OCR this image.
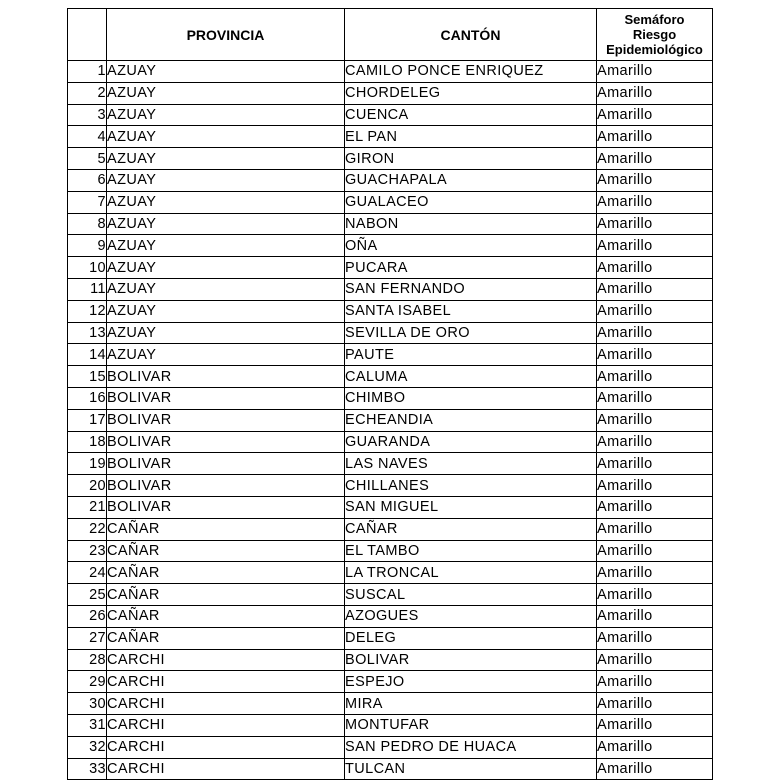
	PROVINCIA	CANTÓN	Semáforo
Riesgo
Epidemiológico
1	AZUAY	CAMILO PONCE ENRIQUEZ	Amarillo
2	AZUAY	CHORDELEG	Amarillo
3	AZUAY	CUENCA	Amarillo
4	AZUAY	EL PAN	Amarillo
5	AZUAY	GIRON	Amarillo
6	AZUAY	GUACHAPALA	Amarillo
7	AZUAY	GUALACEO	Amarillo
8	AZUAY	NABON	Amarillo
9	AZUAY	OÑA	Amarillo
10	AZUAY	PUCARA	Amarillo
11	AZUAY	SAN FERNANDO	Amarillo
12	AZUAY	SANTA ISABEL	Amarillo
13	AZUAY	SEVILLA DE ORO	Amarillo
14	AZUAY	PAUTE	Amarillo
15	BOLIVAR	CALUMA	Amarillo
16	BOLIVAR	CHIMBO	Amarillo
17	BOLIVAR	ECHEANDIA	Amarillo
18	BOLIVAR	GUARANDA	Amarillo
19	BOLIVAR	LAS NAVES	Amarillo
20	BOLIVAR	CHILLANES	Amarillo
21	BOLIVAR	SAN MIGUEL	Amarillo
22	CAÑAR	CAÑAR	Amarillo
23	CAÑAR	EL TAMBO	Amarillo
24	CAÑAR	LA TRONCAL	Amarillo
25	CAÑAR	SUSCAL	Amarillo
26	CAÑAR	AZOGUES	Amarillo
27	CAÑAR	DELEG	Amarillo
28	CARCHI	BOLIVAR	Amarillo
29	CARCHI	ESPEJO	Amarillo
30	CARCHI	MIRA	Amarillo
31	CARCHI	MONTUFAR	Amarillo
32	CARCHI	SAN PEDRO DE HUACA	Amarillo
33	CARCHI	TULCAN	Amarillo
